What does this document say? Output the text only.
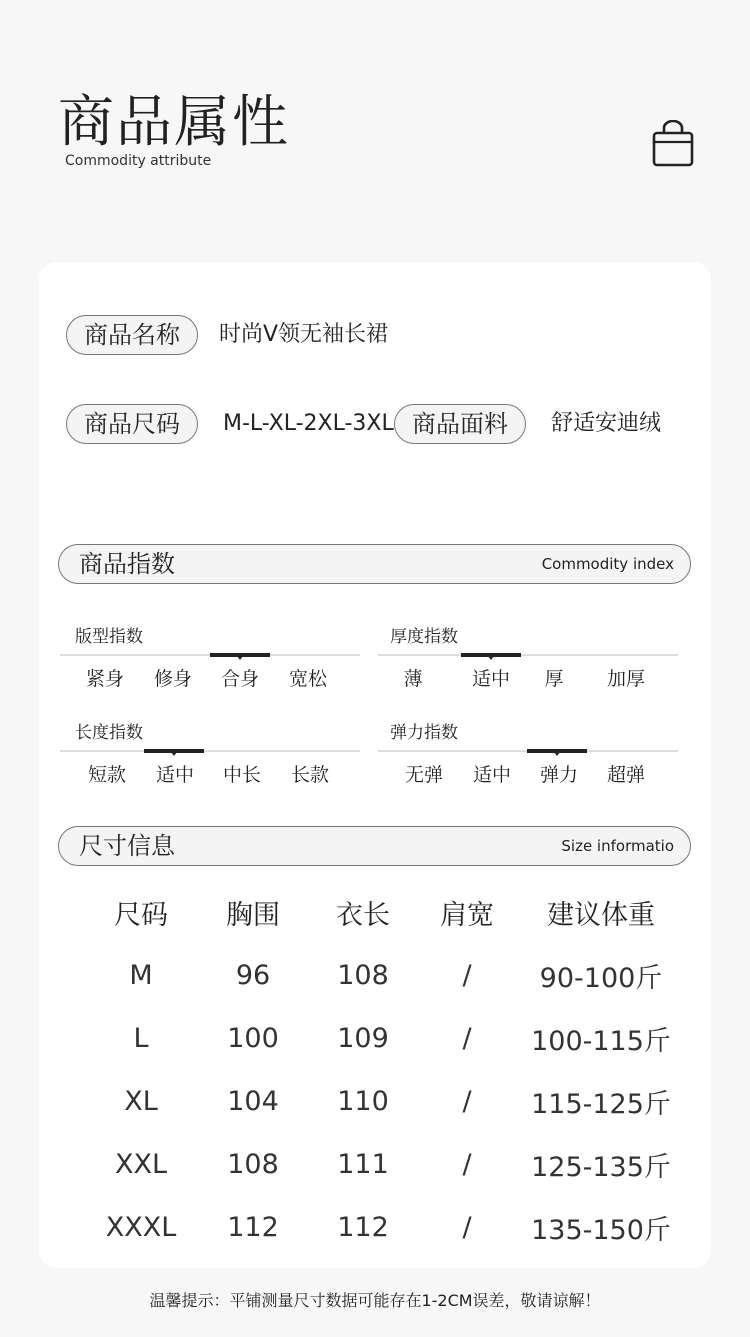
商品属性
Commodity attribute
商品名称	时尚V领无袖长裙
商品尺码	M-L-XL-2XL-3XL 商品面料	舒适安迪绒
商品指数	Commodity index
版型指数
紧身	修身	合身	宽松
厚度指数
薄	适中	厚	加厚
长度指数
短款	适中	中长	长款
弹力指数
无弹	适中	弹力	超弹
尺寸信息	Size informatio
尺码	胸围	衣长	肩宽	建议体重
M	96	108	/	90-100斤
L	100	109	/	100-115斤
XL	104	110	/	115-125斤
XXL	108	111	/	125-135斤
XXXL	112	112	/	135-150斤
温馨提示：平铺测量尺寸数据可能存在1-2CM误差，敬请谅解！
